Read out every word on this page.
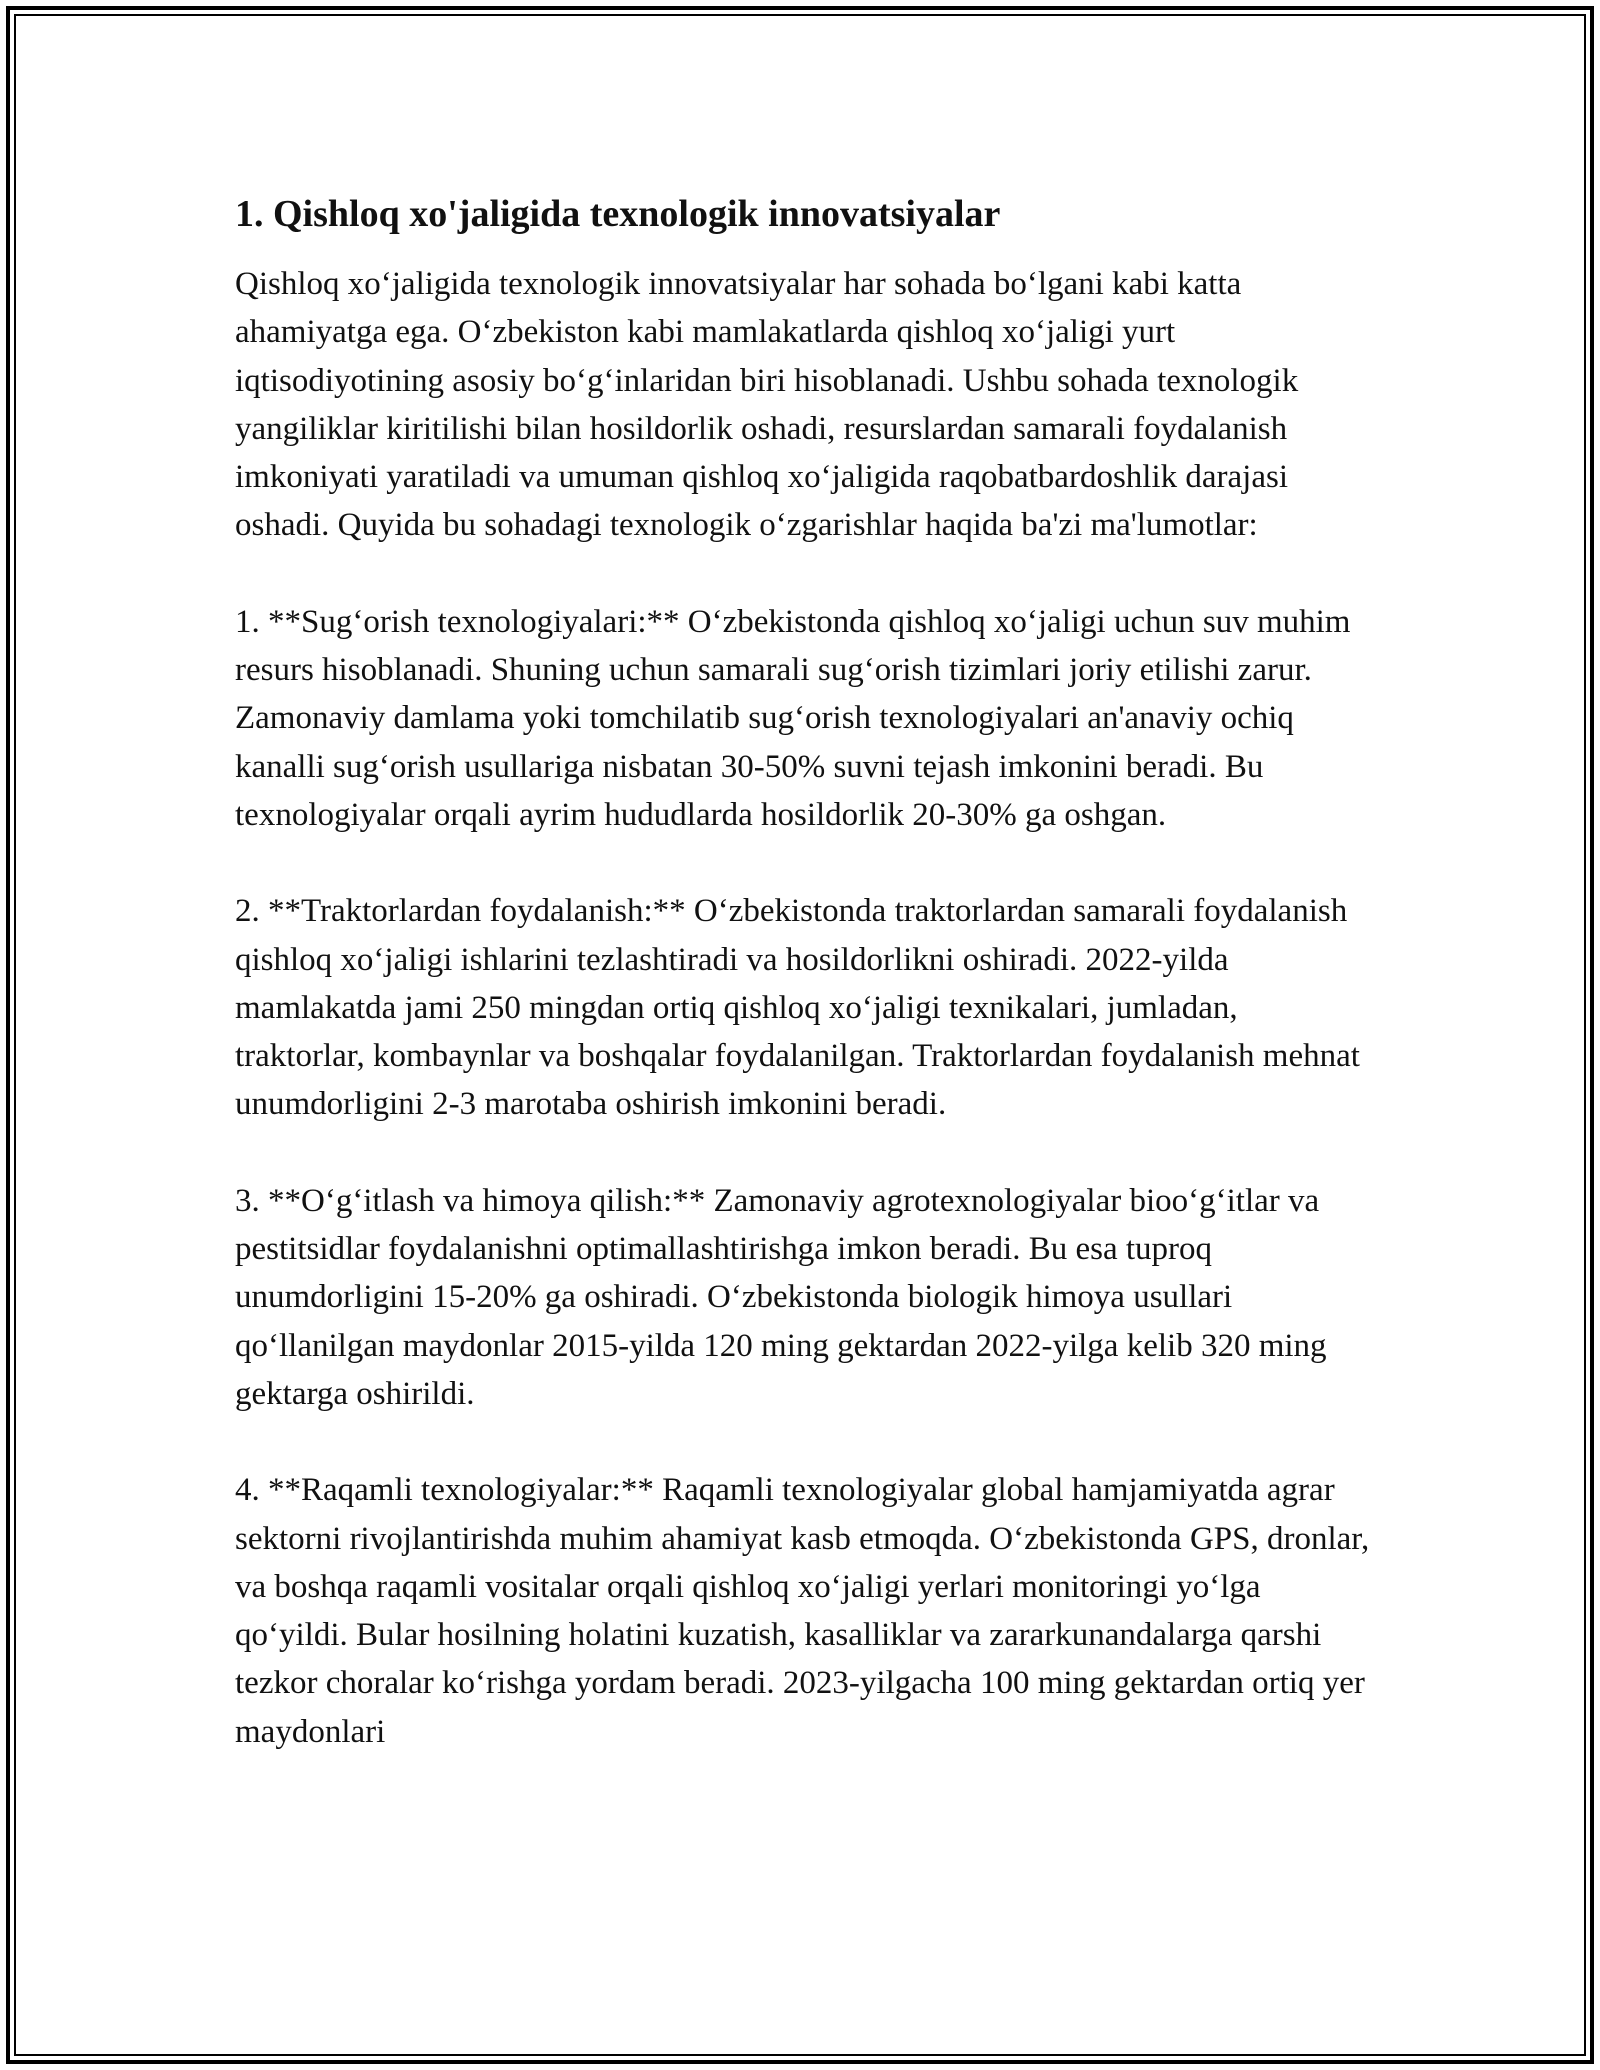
1. Qishloq xo'jaligida texnologik innovatsiyalar

Qishloq xo‘jaligida texnologik innovatsiyalar har sohada bo‘lgani kabi katta ahamiyatga ega. O‘zbekiston kabi mamlakatlarda qishloq xo‘jaligi yurt iqtisodiyotining asosiy bo‘g‘inlaridan biri hisoblanadi. Ushbu sohada texnologik yangiliklar kiritilishi bilan hosildorlik oshadi, resurslardan samarali foydalanish imkoniyati yaratiladi va umuman qishloq xo‘jaligida raqobatbardoshlik darajasi oshadi. Quyida bu sohadagi texnologik o‘zgarishlar haqida ba'zi ma'lumotlar:

1. **Sug‘orish texnologiyalari:** O‘zbekistonda qishloq xo‘jaligi uchun suv muhim resurs hisoblanadi. Shuning uchun samarali sug‘orish tizimlari joriy etilishi zarur. Zamonaviy damlama yoki tomchilatib sug‘orish texnologiyalari an'anaviy ochiq kanalli sug‘orish usullariga nisbatan 30-50% suvni tejash imkonini beradi. Bu texnologiyalar orqali ayrim hududlarda hosildorlik 20-30% ga oshgan.

2. **Traktorlardan foydalanish:** O‘zbekistonda traktorlardan samarali foydalanish qishloq xo‘jaligi ishlarini tezlashtiradi va hosildorlikni oshiradi. 2022-yilda mamlakatda jami 250 mingdan ortiq qishloq xo‘jaligi texnikalari, jumladan, traktorlar, kombaynlar va boshqalar foydalanilgan. Traktorlardan foydalanish mehnat unumdorligini 2-3 marotaba oshirish imkonini beradi.

3. **O‘g‘itlash va himoya qilish:** Zamonaviy agrotexnologiyalar bioo‘g‘itlar va pestitsidlar foydalanishni optimallashtirishga imkon beradi. Bu esa tuproq unumdorligini 15-20% ga oshiradi. O‘zbekistonda biologik himoya usullari qo‘llanilgan maydonlar 2015-yilda 120 ming gektardan 2022-yilga kelib 320 ming gektarga oshirildi.

4. **Raqamli texnologiyalar:** Raqamli texnologiyalar global hamjamiyatda agrar sektorni rivojlantirishda muhim ahamiyat kasb etmoqda. O‘zbekistonda GPS, dronlar, va boshqa raqamli vositalar orqali qishloq xo‘jaligi yerlari monitoringi yo‘lga qo‘yildi. Bular hosilning holatini kuzatish, kasalliklar va zararkunandalarga qarshi tezkor choralar ko‘rishga yordam beradi. 2023-yilgacha 100 ming gektardan ortiq yer maydonlari
